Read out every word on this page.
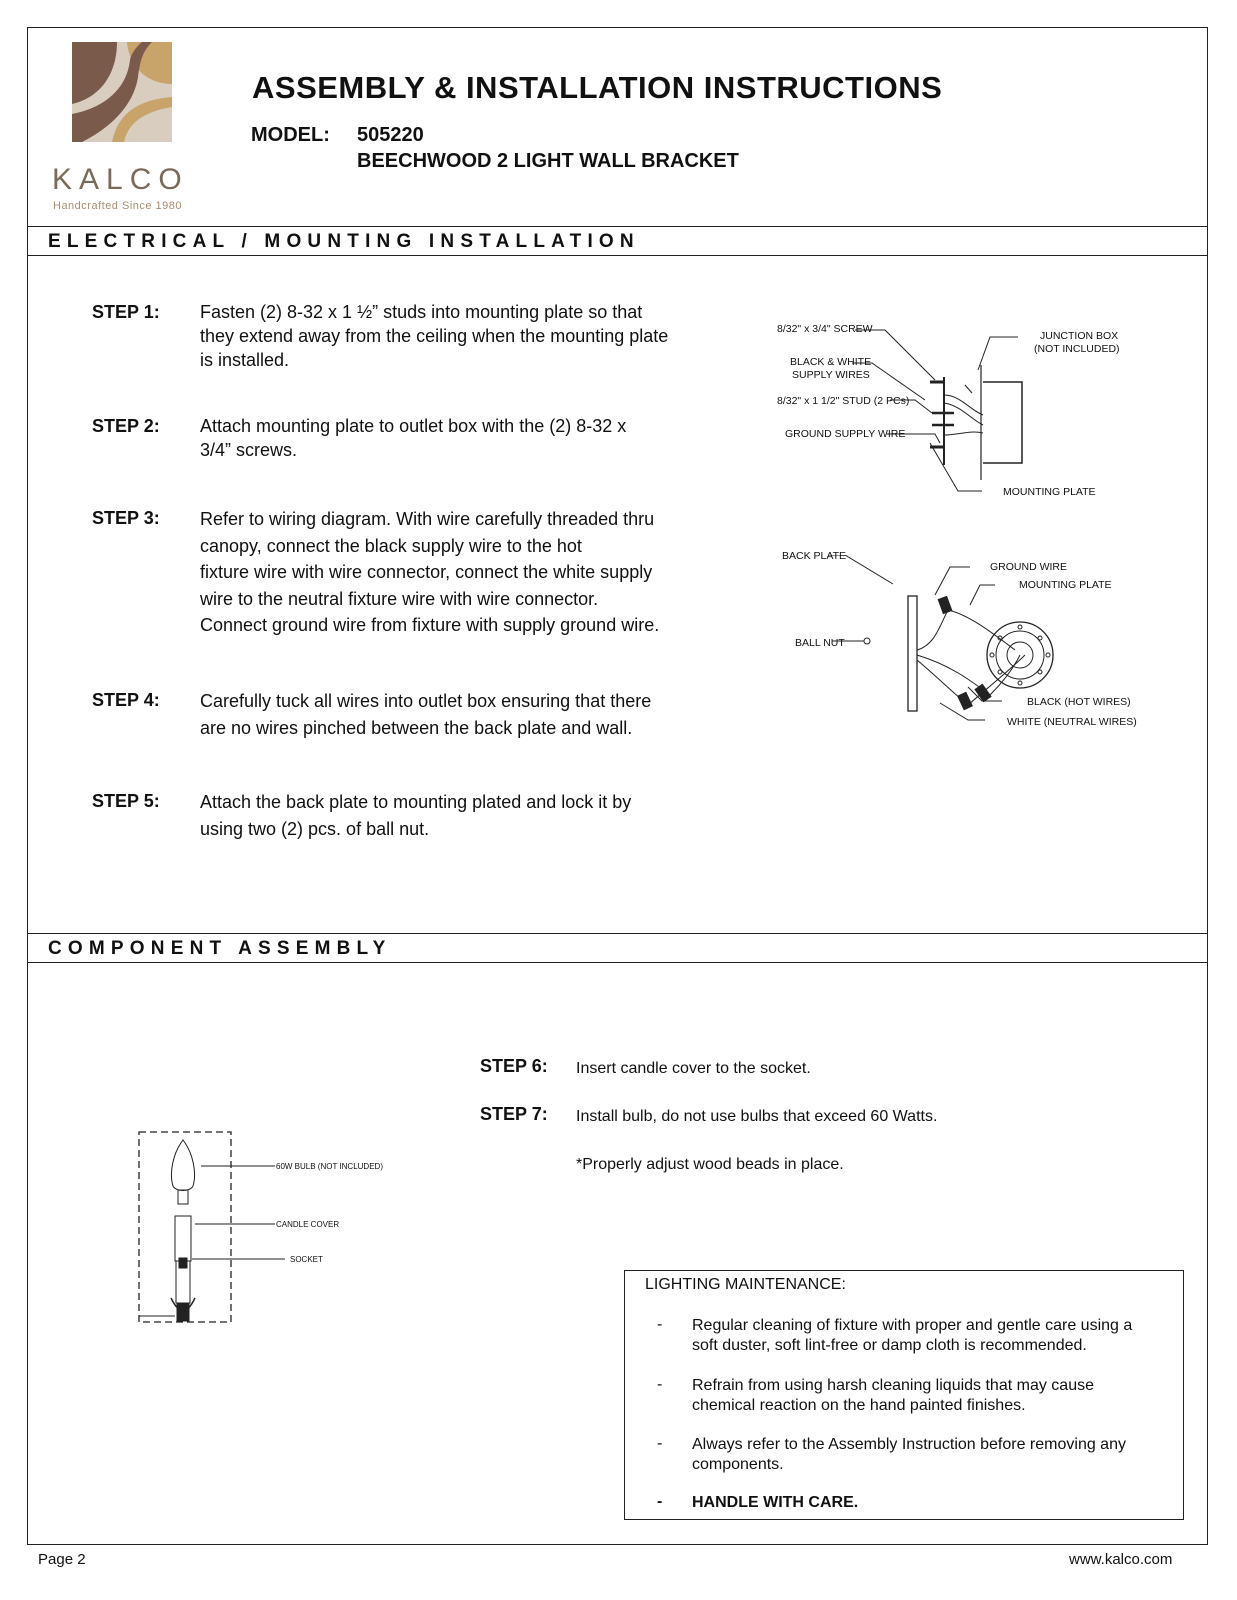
KALCO
Handcrafted Since 1980
ASSEMBLY & INSTALLATION INSTRUCTIONS
MODEL: 505220
BEECHWOOD 2 LIGHT WALL BRACKET
ELECTRICAL / MOUNTING INSTALLATION
STEP 1: Fasten (2) 8-32 x 1 ½” studs into mounting plate so that
they extend away from the ceiling when the mounting plate
is installed.
STEP 2: Attach mounting plate to outlet box with the (2) 8-32 x
3/4” screws.
STEP 3: Refer to wiring diagram. With wire carefully threaded thru
canopy, connect the black supply wire to the hot
fixture wire with wire connector, connect the white supply
wire to the neutral fixture wire with wire connector.
Connect ground wire from fixture with supply ground wire.
STEP 4: Carefully tuck all wires into outlet box ensuring that there
are no wires pinched between the back plate and wall.
STEP 5: Attach the back plate to mounting plated and lock it by
using two (2) pcs. of ball nut.
8/32" x 3/4" SCREW
BLACK & WHITE
SUPPLY WIRES
8/32" x 1 1/2" STUD (2 PCs)
GROUND SUPPLY WIRE
JUNCTION BOX
(NOT INCLUDED)
MOUNTING PLATE
BACK PLATE
GROUND WIRE
MOUNTING PLATE
BALL NUT
BLACK (HOT WIRES)
WHITE (NEUTRAL WIRES)
COMPONENT ASSEMBLY
STEP 6: Insert candle cover to the socket.
STEP 7: Install bulb, do not use bulbs that exceed 60 Watts.
*Properly adjust wood beads in place.
60W BULB (NOT INCLUDED)
CANDLE COVER
SOCKET
LIGHTING MAINTENANCE:
- Regular cleaning of fixture with proper and gentle care using a
soft duster, soft lint-free or damp cloth is recommended.
- Refrain from using harsh cleaning liquids that may cause
chemical reaction on the hand painted finishes.
- Always refer to the Assembly Instruction before removing any
components.
- HANDLE WITH CARE.
Page 2	www.kalco.com
